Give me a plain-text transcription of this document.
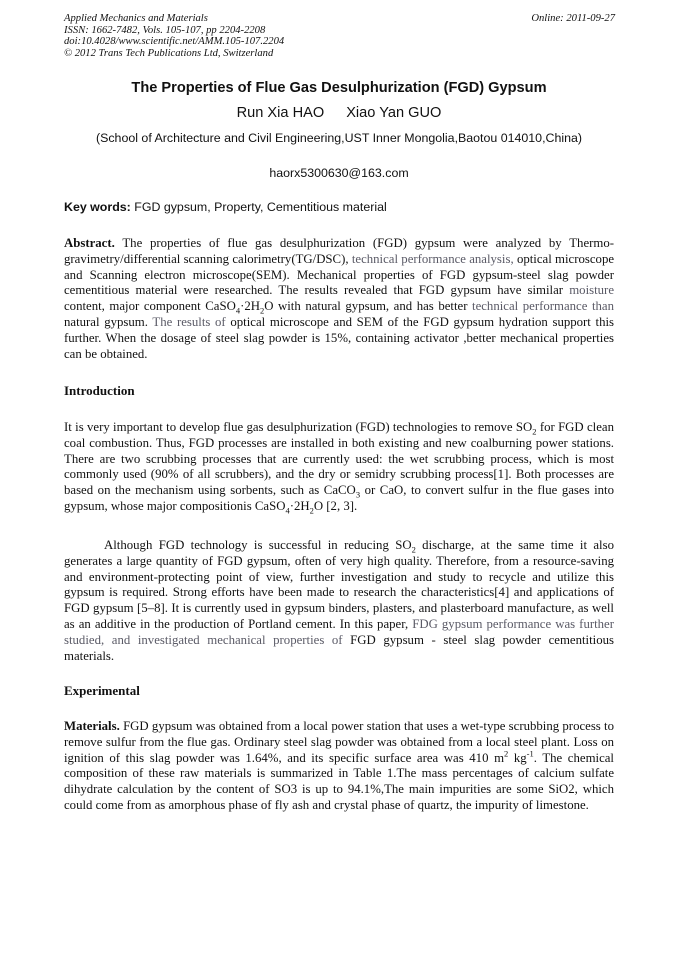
Applied Mechanics and Materials
ISSN: 1662-7482, Vols. 105-107, pp 2204-2208
doi:10.4028/www.scientific.net/AMM.105-107.2204
© 2012 Trans Tech Publications Ltd, Switzerland
Online: 2011-09-27
The Properties of Flue Gas Desulphurization (FGD) Gypsum
Run Xia HAO Xiao Yan GUO
(School of Architecture and Civil Engineering,UST Inner Mongolia,Baotou 014010,China)
haorx5300630@163.com
Key words: FGD gypsum, Property, Cementitious material
Abstract. The properties of flue gas desulphurization (FGD) gypsum were analyzed by Thermo-gravimetry/differential scanning calorimetry(TG/DSC), technical performance analysis, optical microscope and Scanning electron microscope(SEM). Mechanical properties of FGD gypsum-steel slag powder cementitious material were researched. The results revealed that FGD gypsum have similar moisture content, major component $CaSO_4\cdot 2H_2O$ with natural gypsum, and has better technical performance than natural gypsum. The results of optical microscope and SEM of the FGD gypsum hydration support this further. When the dosage of steel slag powder is 15%, containing activator ,better mechanical properties can be obtained.
Introduction
It is very important to develop flue gas desulphurization (FGD) technologies to remove $SO_2$ for FGD clean coal combustion. Thus, FGD processes are installed in both existing and new coalburning power stations. There are two scrubbing processes that are currently used: the wet scrubbing process, which is most commonly used (90% of all scrubbers), and the dry or semidry scrubbing process[1]. Both processes are based on the mechanism using sorbents, such as CaCO$_3$ or CaO, to convert sulfur in the flue gases into gypsum, whose major compositionis $CaSO_4\cdot 2H_2O$ [2, 3].
Although FGD technology is successful in reducing $SO_2$ discharge, at the same time it also generates a large quantity of FGD gypsum, often of very high quality. Therefore, from a resource-saving and environment-protecting point of view, further investigation and study to recycle and utilize this gypsum is required. Strong efforts have been made to research the characteristics[4] and applications of FGD gypsum [5–8]. It is currently used in gypsum binders, plasters, and plasterboard manufacture, as well as an additive in the production of Portland cement. In this paper, FDG gypsum performance was further studied, and investigated mechanical properties of FGD gypsum - steel slag powder cementitious materials.
Experimental
Materials. FGD gypsum was obtained from a local power station that uses a wet-type scrubbing process to remove sulfur from the flue gas. Ordinary steel slag powder was obtained from a local steel plant. Loss on ignition of this slag powder was 1.64%, and its specific surface area was 410 $m^2$ $kg^{-1}$. The chemical composition of these raw materials is summarized in Table 1.The mass percentages of calcium sulfate dihydrate calculation by the content of SO3 is up to 94.1%,The main impurities are some SiO2, which could come from as amorphous phase of fly ash and crystal phase of quartz, the impurity of limestone.
